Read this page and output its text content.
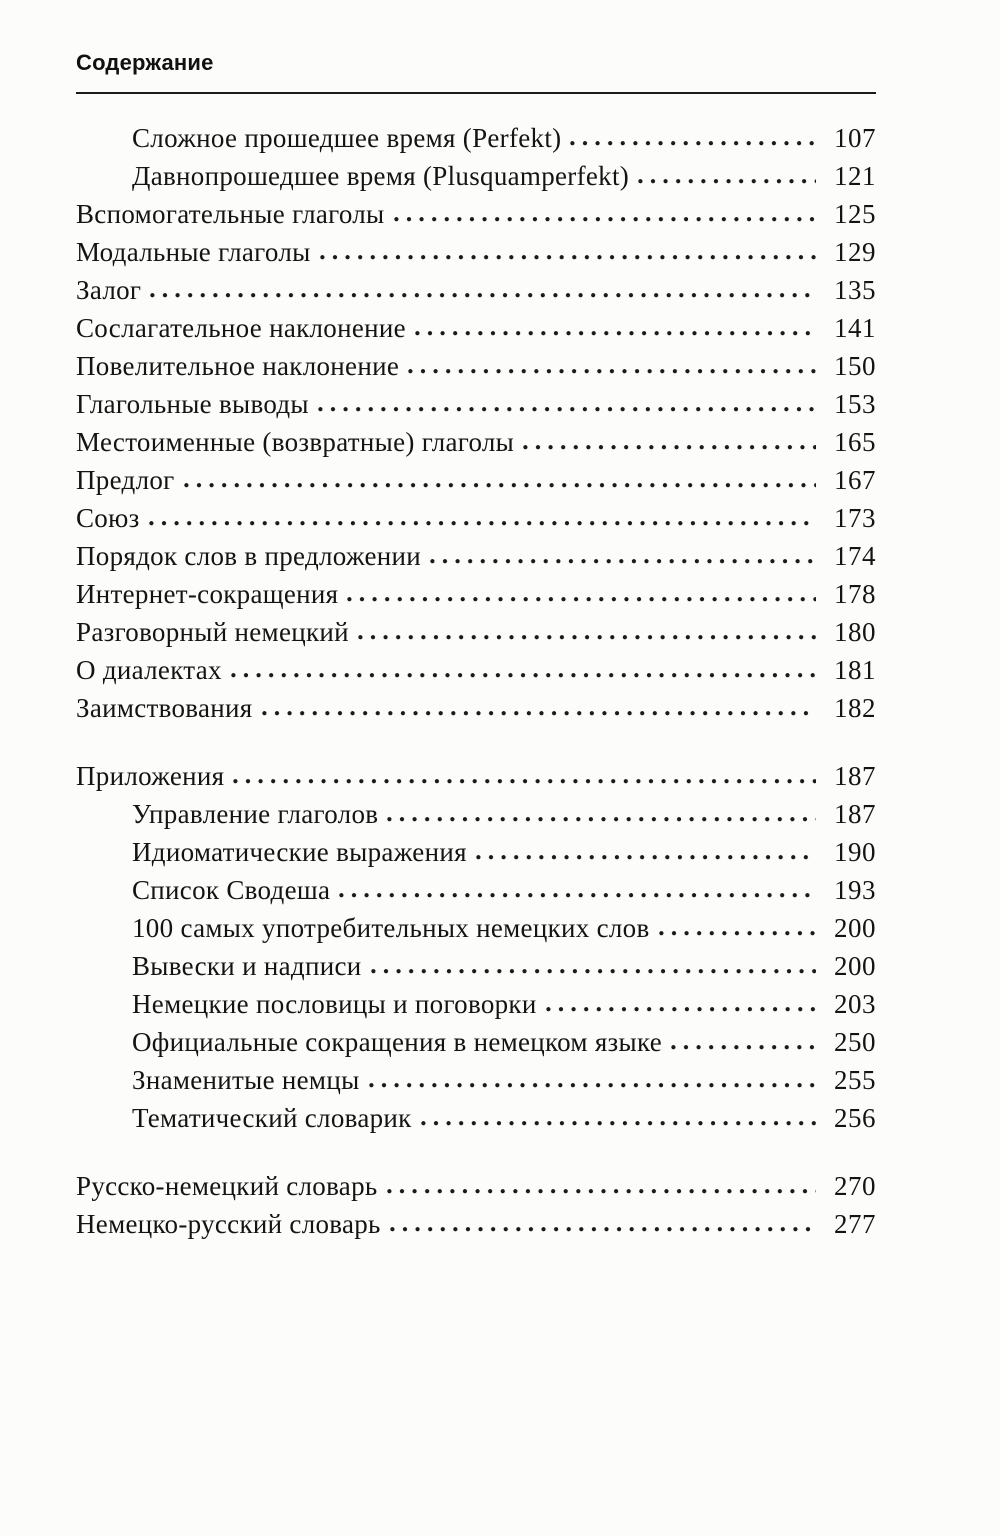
Содержание
Сложное прошедшее время (Perfekt)	107
Давнопрошедшее время (Plusquamperfekt)	121
Вспомогательные глаголы	125
Модальные глаголы	129
Залог	135
Сослагательное наклонение	141
Повелительное наклонение	150
Глагольные выводы	153
Местоименные (возвратные) глаголы	165
Предлог	167
Союз	173
Порядок слов в предложении	174
Интернет-сокращения	178
Разговорный немецкий	180
О диалектах	181
Заимствования	182
Приложения	187
Управление глаголов	187
Идиоматические выражения	190
Список Сводеша	193
100 самых употребительных немецких слов	200
Вывески и надписи	200
Немецкие пословицы и поговорки	203
Официальные сокращения в немецком языке	250
Знаменитые немцы	255
Тематический словарик	256
Русско-немецкий словарь	270
Немецко-русский словарь	277
